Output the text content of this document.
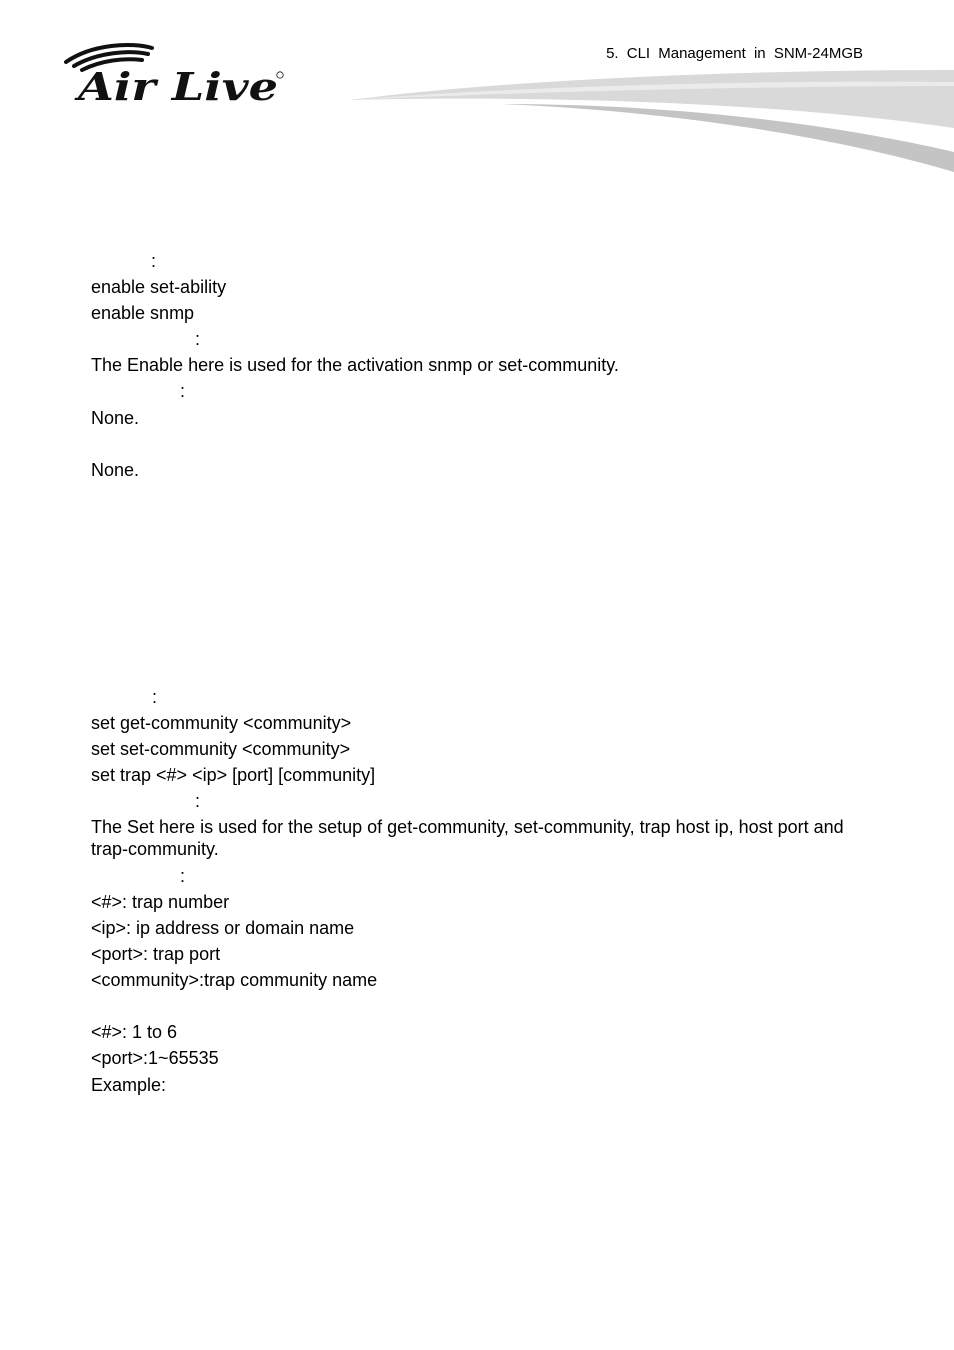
Air Live
5. CLI Management in SNM-24MGB
:
enable set-ability
enable snmp
:
The Enable here is used for the activation snmp or set-community.
:
None.
None.
:
set get-community <community>
set set-community <community>
set trap <#> <ip> [port] [community]
:
The Set here is used for the setup of get-community, set-community, trap host ip, host port and trap-community.
:
<#>: trap number
<ip>: ip address or domain name
<port>: trap port
<community>:trap community name
<#>: 1 to 6
<port>:1~65535
Example:
